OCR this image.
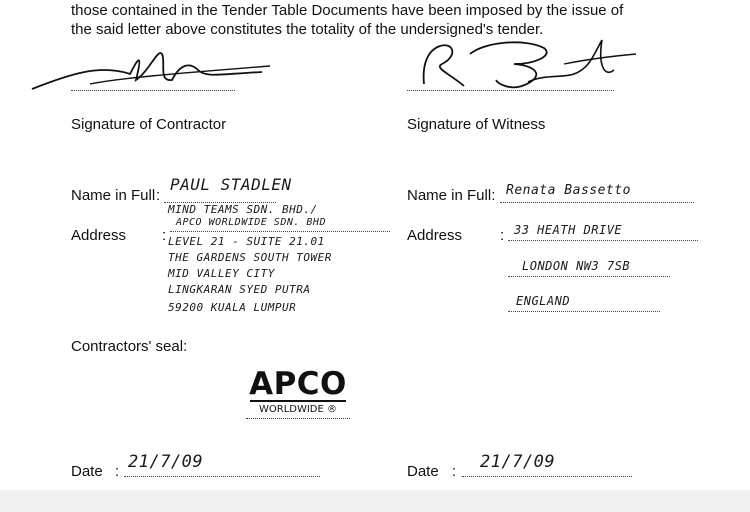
those contained in the Tender Table Documents have been imposed by the issue of
the said letter above constitutes the totality of the undersigned's tender.
Signature of Contractor	Signature of Witness
Name in Full :
PAUL STADLEN
Address :
MIND TEAMS SDN. BHD./
APCO WORLDWIDE SDN. BHD
LEVEL 21 - SUITE 21.01
THE GARDENS SOUTH TOWER
MID VALLEY CITY
LINGKARAN SYED PUTRA
59200 KUALA LUMPUR
Name in Full: Renata Bassetto
Address	: 33 HEATH DRIVE
LONDON NW3 7SB
ENGLAND
Contractors' seal:
APCO
WORLDWIDE ®
Date : 21/7/09	Date : 21/7/09
